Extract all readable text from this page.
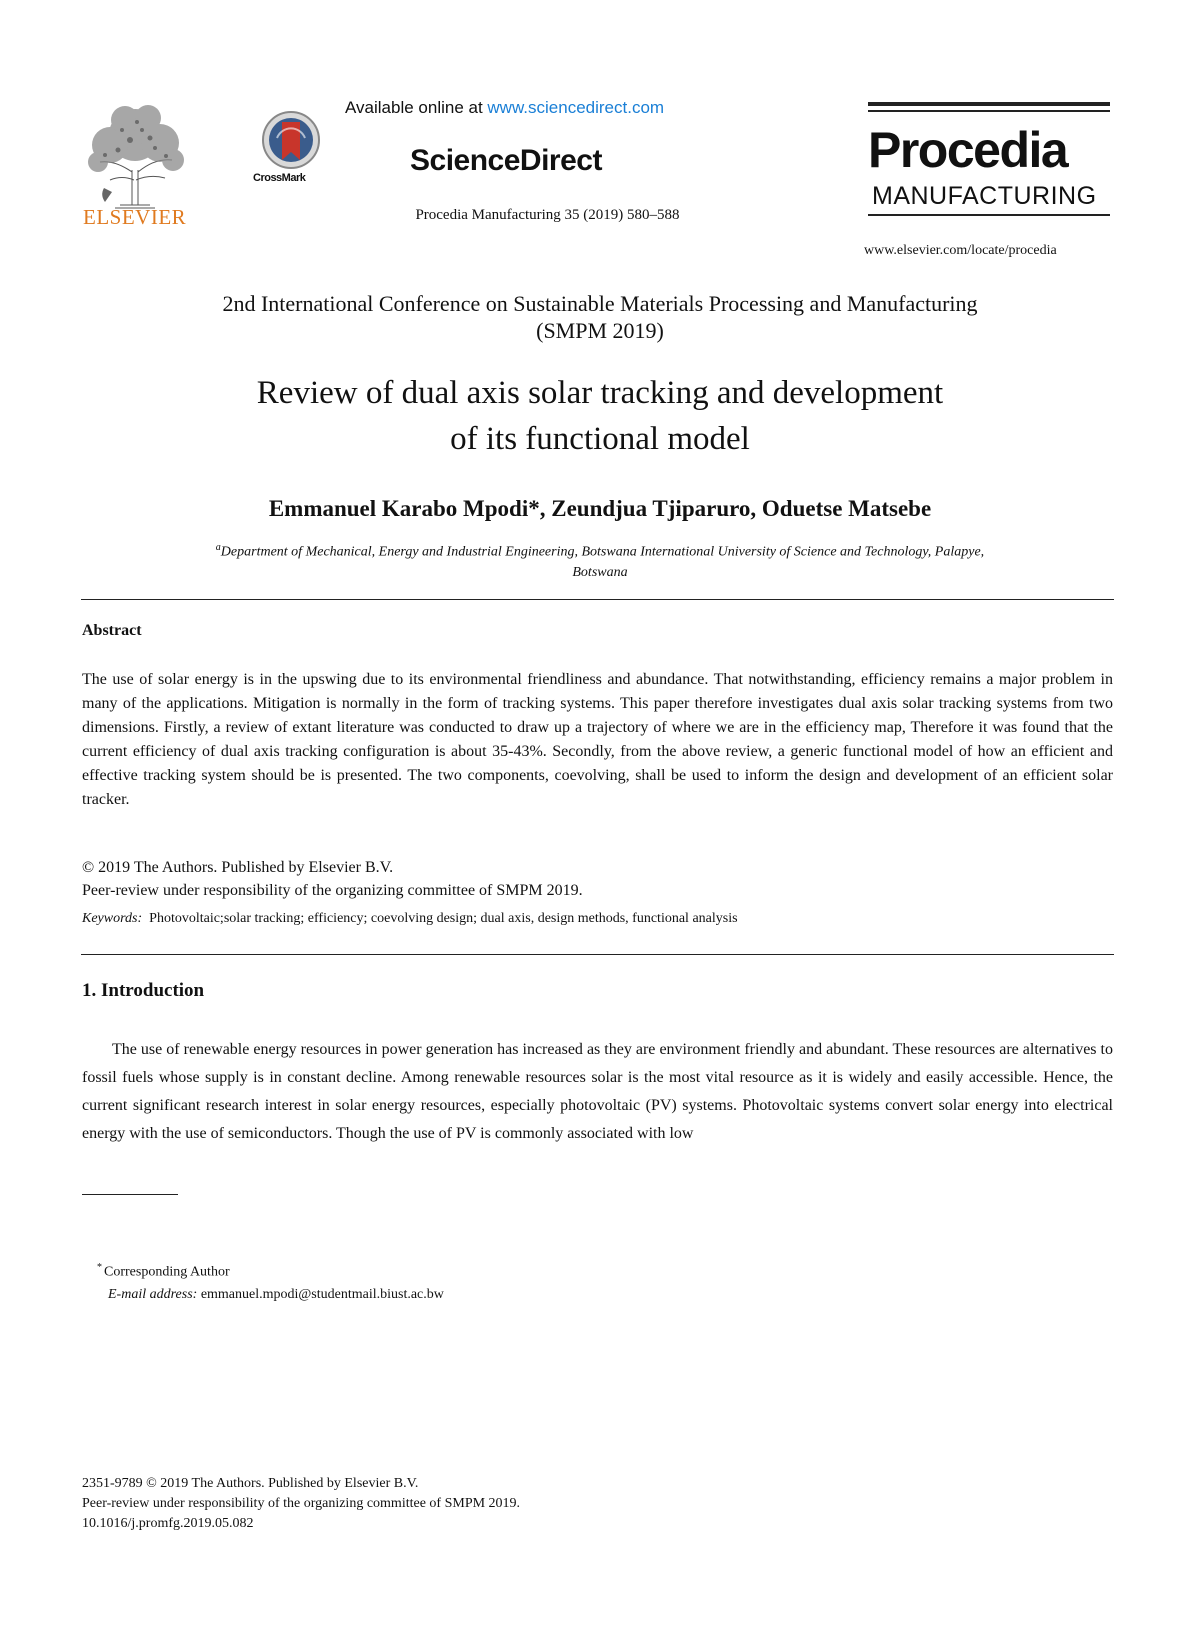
ELSEVIER
CrossMark
Available online at www.sciencedirect.com
ScienceDirect
Procedia Manufacturing 35 (2019) 580–588
Procedia
MANUFACTURING
www.elsevier.com/locate/procedia
2nd International Conference on Sustainable Materials Processing and Manufacturing
(SMPM 2019)
Review of dual axis solar tracking and development
of its functional model
Emmanuel Karabo Mpodi*, Zeundjua Tjiparuro, Oduetse Matsebe
$^a$Department of Mechanical, Energy and Industrial Engineering, Botswana International University of Science and Technology, Palapye,
Botswana
Abstract
The use of solar energy is in the upswing due to its environmental friendliness and abundance. That notwithstanding, efficiency remains a major problem in many of the applications. Mitigation is normally in the form of tracking systems. This paper therefore investigates dual axis solar tracking systems from two dimensions. Firstly, a review of extant literature was conducted to draw up a trajectory of where we are in the efficiency map, Therefore it was found that the current efficiency of dual axis tracking configuration is about 35-43%. Secondly, from the above review, a generic functional model of how an efficient and effective tracking system should be is presented. The two components, coevolving, shall be used to inform the design and development of an efficient solar tracker.
© 2019 The Authors. Published by Elsevier B.V.
Peer-review under responsibility of the organizing committee of SMPM 2019.
Keywords: Photovoltaic;solar tracking; efficiency; coevolving design; dual axis, design methods, functional analysis
1. Introduction
The use of renewable energy resources in power generation has increased as they are environment friendly and abundant. These resources are alternatives to fossil fuels whose supply is in constant decline. Among renewable resources solar is the most vital resource as it is widely and easily accessible. Hence, the current significant research interest in solar energy resources, especially photovoltaic (PV) systems. Photovoltaic systems convert solar energy into electrical energy with the use of semiconductors. Though the use of PV is commonly associated with low
* Corresponding Author
E-mail address: emmanuel.mpodi@studentmail.biust.ac.bw
2351-9789 © 2019 The Authors. Published by Elsevier B.V.
Peer-review under responsibility of the organizing committee of SMPM 2019.
10.1016/j.promfg.2019.05.082
